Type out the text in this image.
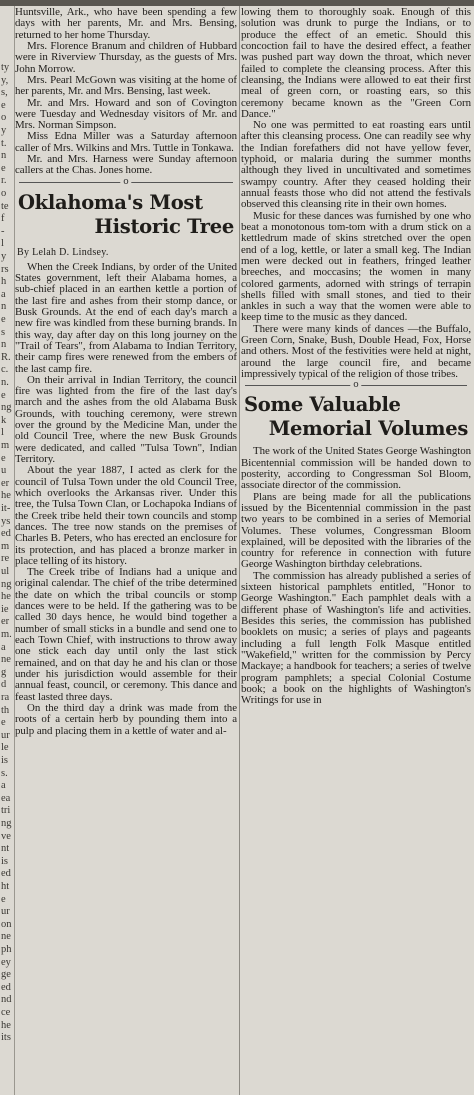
ty
y,
s,
e
o
y
t.
n
e
r.
o
te
f
-
l
y
rs
h
a
n
e
s
n
R.
c.
n.
e
ng
k
l
m
e
u
er
he
it-
ys
ed
m
re
ul
ng
he
ie
er
m.
a
ne
g
d
ra
th
e
ur
le
is
s.
a
ea
tri
ng
ve
nt
is
ed
ht
e
ur
on
ne
ph
ey
ge
ed
nd
ce
he
its

Huntsville, Ark., who have been spending a few days with her parents, Mr. and Mrs. Bensing, returned to her home Thursday.

Mrs. Florence Branum and children of Hubbard were in Riverview Thursday, as the guests of Mrs. John Morrow.

Mrs. Pearl McGown was visiting at the home of her parents, Mr. and Mrs. Bensing, last week.

Mr. and Mrs. Howard and son of Covington were Tuesday and Wednesday visitors of Mr. and Mrs. Norman Simpson.

Miss Edna Miller was a Saturday afternoon caller of Mrs. Wilkins and Mrs. Tuttle in Tonkawa.

Mr. and Mrs. Harness were Sunday afternoon callers at the Chas. Jones home.

o
Oklahoma's Most
Historic Tree
By Lelah D. Lindsey.

When the Creek Indians, by order of the United States government, left their Alabama homes, a sub-chief placed in an earthen kettle a portion of the last fire and ashes from their stomp dance, or Busk Grounds. At the end of each day's march a new fire was kindled from these burning brands. In this way, day after day on this long journey on the "Trail of Tears", from Alabama to Indian Territory, their camp fires were renewed from the embers of the last camp fire.

On their arrival in Indian Territory, the council fire was lighted from the fire of the last day's march and the ashes from the old Alabama Busk Grounds, with touching ceremony, were strewn over the ground by the Medicine Man, under the old Council Tree, where the new Busk Grounds were dedicated, and called "Tulsa Town", Indian Territory.

About the year 1887, I acted as clerk for the council of Tulsa Town under the old Council Tree, which overlooks the Arkansas river. Under this tree, the Tulsa Town Clan, or Lochapoka Indians of the Creek tribe held their town councils and stomp dances. The tree now stands on the premises of Charles B. Peters, who has erected an enclosure for its protection, and has placed a bronze marker in place telling of its history.

The Creek tribe of Indians had a unique and original calendar. The chief of the tribe determined the date on which the tribal councils or stomp dances were to be held. If the gathering was to be called 30 days hence, he would bind together a number of small sticks in a bundle and send one to each Town Chief, with instructions to throw away one stick each day until only the last stick remained, and on that day he and his clan or those under his jurisdiction would assemble for their annual feast, council, or ceremony. This dance and feast lasted three days.

On the third day a drink was made from the roots of a certain herb by pounding them into a pulp and placing them in a kettle of water and al-

lowing them to thoroughly soak. Enough of this solution was drunk to purge the Indians, or to produce the effect of an emetic. Should this concoction fail to have the desired effect, a feather was pushed part way down the throat, which never failed to complete the cleansing process. After this cleansing, the Indians were allowed to eat their first meal of green corn, or roasting ears, so this ceremony became known as the "Green Corn Dance."

No one was permitted to eat roasting ears until after this cleansing process. One can readily see why the Indian forefathers did not have yellow fever, typhoid, or malaria during the summer months although they lived in uncultivated and sometimes swampy country. After they ceased holding their annual feasts those who did not attend the festivals observed this cleansing rite in their own homes.

Music for these dances was furnished by one who beat a monotonous tom-tom with a drum stick on a kettledrum made of skins stretched over the open end of a log, kettle, or later a small keg. The Indian men were decked out in feathers, fringed leather breeches, and moccasins; the women in many colored garments, adorned with strings of terrapin shells filled with small stones, and tied to their ankles in such a way that the women were able to keep time to the music as they danced.

There were many kinds of dances —the Buffalo, Green Corn, Snake, Bush, Double Head, Fox, Horse and others. Most of the festivities were held at night, around the large council fire, and became impressively typical of the religion of those tribes.

o
Some Valuable
Memorial Volumes

The work of the United States George Washington Bicentennial commission will be handed down to posterity, according to Congressman Sol Bloom, associate director of the commission.

Plans are being made for all the publications issued by the Bicentennial commission in the past two years to be combined in a series of Memorial Volumes. These volumes, Congressman Bloom explained, will be deposited with the libraries of the country for reference in connection with future George Washington birthday celebrations.

The commission has already published a series of sixteen historical pamphlets entitled, "Honor to George Washington." Each pamphlet deals with a different phase of Washington's life and activities. Besides this series, the commission has published booklets on music; a series of plays and pageants including a full length Folk Masque entitled "Wakefield," written for the commission by Percy Mackaye; a handbook for teachers; a series of twelve program pamphlets; a special Colonial Costume book; a book on the highlights of Washington's Writings for use in
